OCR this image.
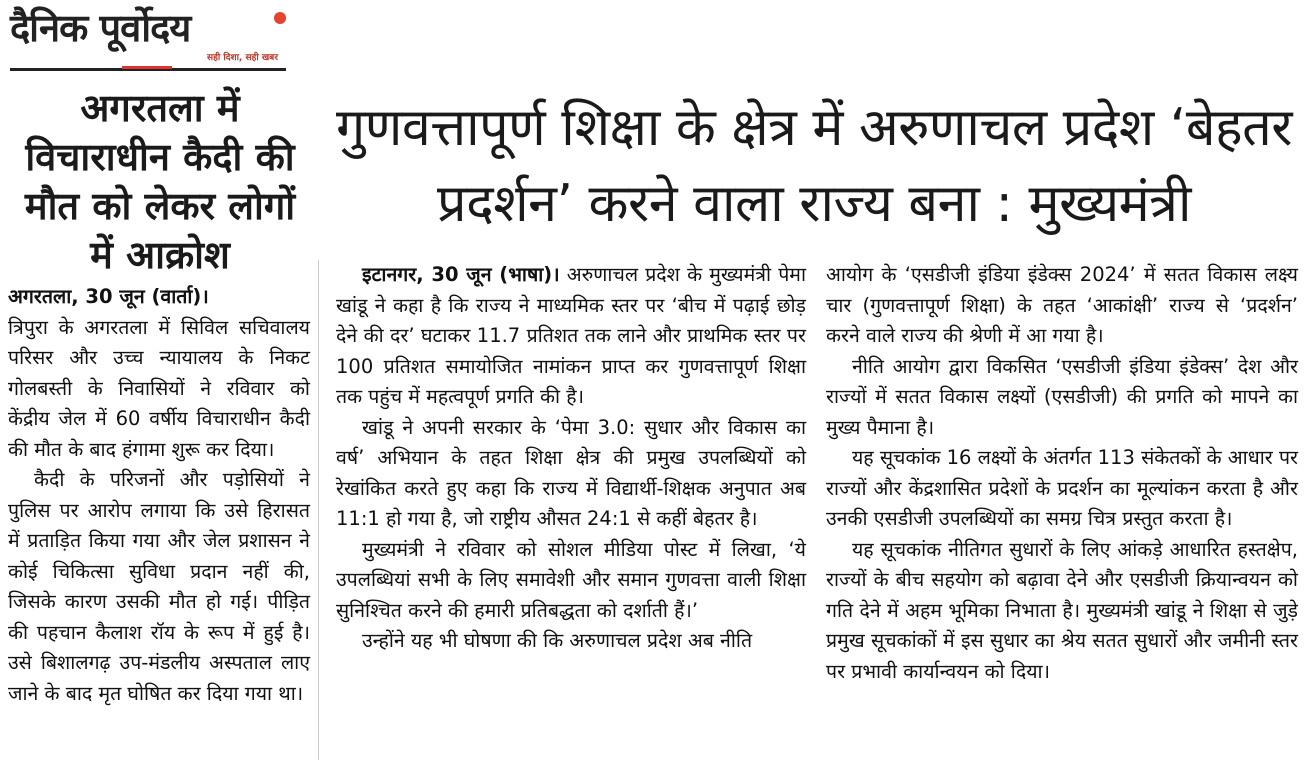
दैनिक पूर्वोदय
सही दिशा, सही खबर
अगरतला में विचाराधीन कैदी की मौत को लेकर लोगों में आक्रोश

अगरतला, 30 जून (वार्ता)।

त्रिपुरा के अगरतला में सिविल सचिवालय परिसर और उच्च न्यायालय के निकट गोलबस्ती के निवासियों ने रविवार को केंद्रीय जेल में 60 वर्षीय विचाराधीन कैदी की मौत के बाद हंगामा शुरू कर दिया।

कैदी के परिजनों और पड़ोसियों ने पुलिस पर आरोप लगाया कि उसे हिरासत में प्रताड़ित किया गया और जेल प्रशासन ने कोई चिकित्सा सुविधा प्रदान नहीं की, जिसके कारण उसकी मौत हो गई। पीड़ित की पहचान कैलाश रॉय के रूप में हुई है। उसे बिशालगढ़ उप-मंडलीय अस्पताल लाए जाने के बाद मृत घोषित कर दिया गया था।

गुणवत्तापूर्ण शिक्षा के क्षेत्र में अरुणाचल प्रदेश ‘बेहतर प्रदर्शन’ करने वाला राज्य बना : मुख्यमंत्री

इटानगर, 30 जून (भाषा)। अरुणाचल प्रदेश के मुख्यमंत्री पेमा खांडू ने कहा है कि राज्य ने माध्यमिक स्तर पर ‘बीच में पढ़ाई छोड़ देने की दर’ घटाकर 11.7 प्रतिशत तक लाने और प्राथमिक स्तर पर 100 प्रतिशत समायोजित नामांकन प्राप्त कर गुणवत्तापूर्ण शिक्षा तक पहुंच में महत्वपूर्ण प्रगति की है।

खांडू ने अपनी सरकार के ‘पेमा 3.0: सुधार और विकास का वर्ष’ अभियान के तहत शिक्षा क्षेत्र की प्रमुख उपलब्धियों को रेखांकित करते हुए कहा कि राज्य में विद्यार्थी-शिक्षक अनुपात अब 11:1 हो गया है, जो राष्ट्रीय औसत 24:1 से कहीं बेहतर है।

मुख्यमंत्री ने रविवार को सोशल मीडिया पोस्ट में लिखा, ‘ये उपलब्धियां सभी के लिए समावेशी और समान गुणवत्ता वाली शिक्षा सुनिश्चित करने की हमारी प्रतिबद्धता को दर्शाती हैं।’

उन्होंने यह भी घोषणा की कि अरुणाचल प्रदेश अब नीति

आयोग के ‘एसडीजी इंडिया इंडेक्स 2024’ में सतत विकास लक्ष्य चार (गुणवत्तापूर्ण शिक्षा) के तहत ‘आकांक्षी’ राज्य से ‘प्रदर्शन’ करने वाले राज्य की श्रेणी में आ गया है।

नीति आयोग द्वारा विकसित ‘एसडीजी इंडिया इंडेक्स’ देश और राज्यों में सतत विकास लक्ष्यों (एसडीजी) की प्रगति को मापने का मुख्य पैमाना है।

यह सूचकांक 16 लक्ष्यों के अंतर्गत 113 संकेतकों के आधार पर राज्यों और केंद्रशासित प्रदेशों के प्रदर्शन का मूल्यांकन करता है और उनकी एसडीजी उपलब्धियों का समग्र चित्र प्रस्तुत करता है।

यह सूचकांक नीतिगत सुधारों के लिए आंकड़े आधारित हस्तक्षेप, राज्यों के बीच सहयोग को बढ़ावा देने और एसडीजी क्रियान्वयन को गति देने में अहम भूमिका निभाता है। मुख्यमंत्री खांडू ने शिक्षा से जुड़े प्रमुख सूचकांकों में इस सुधार का श्रेय सतत सुधारों और जमीनी स्तर पर प्रभावी कार्यान्वयन को दिया।
